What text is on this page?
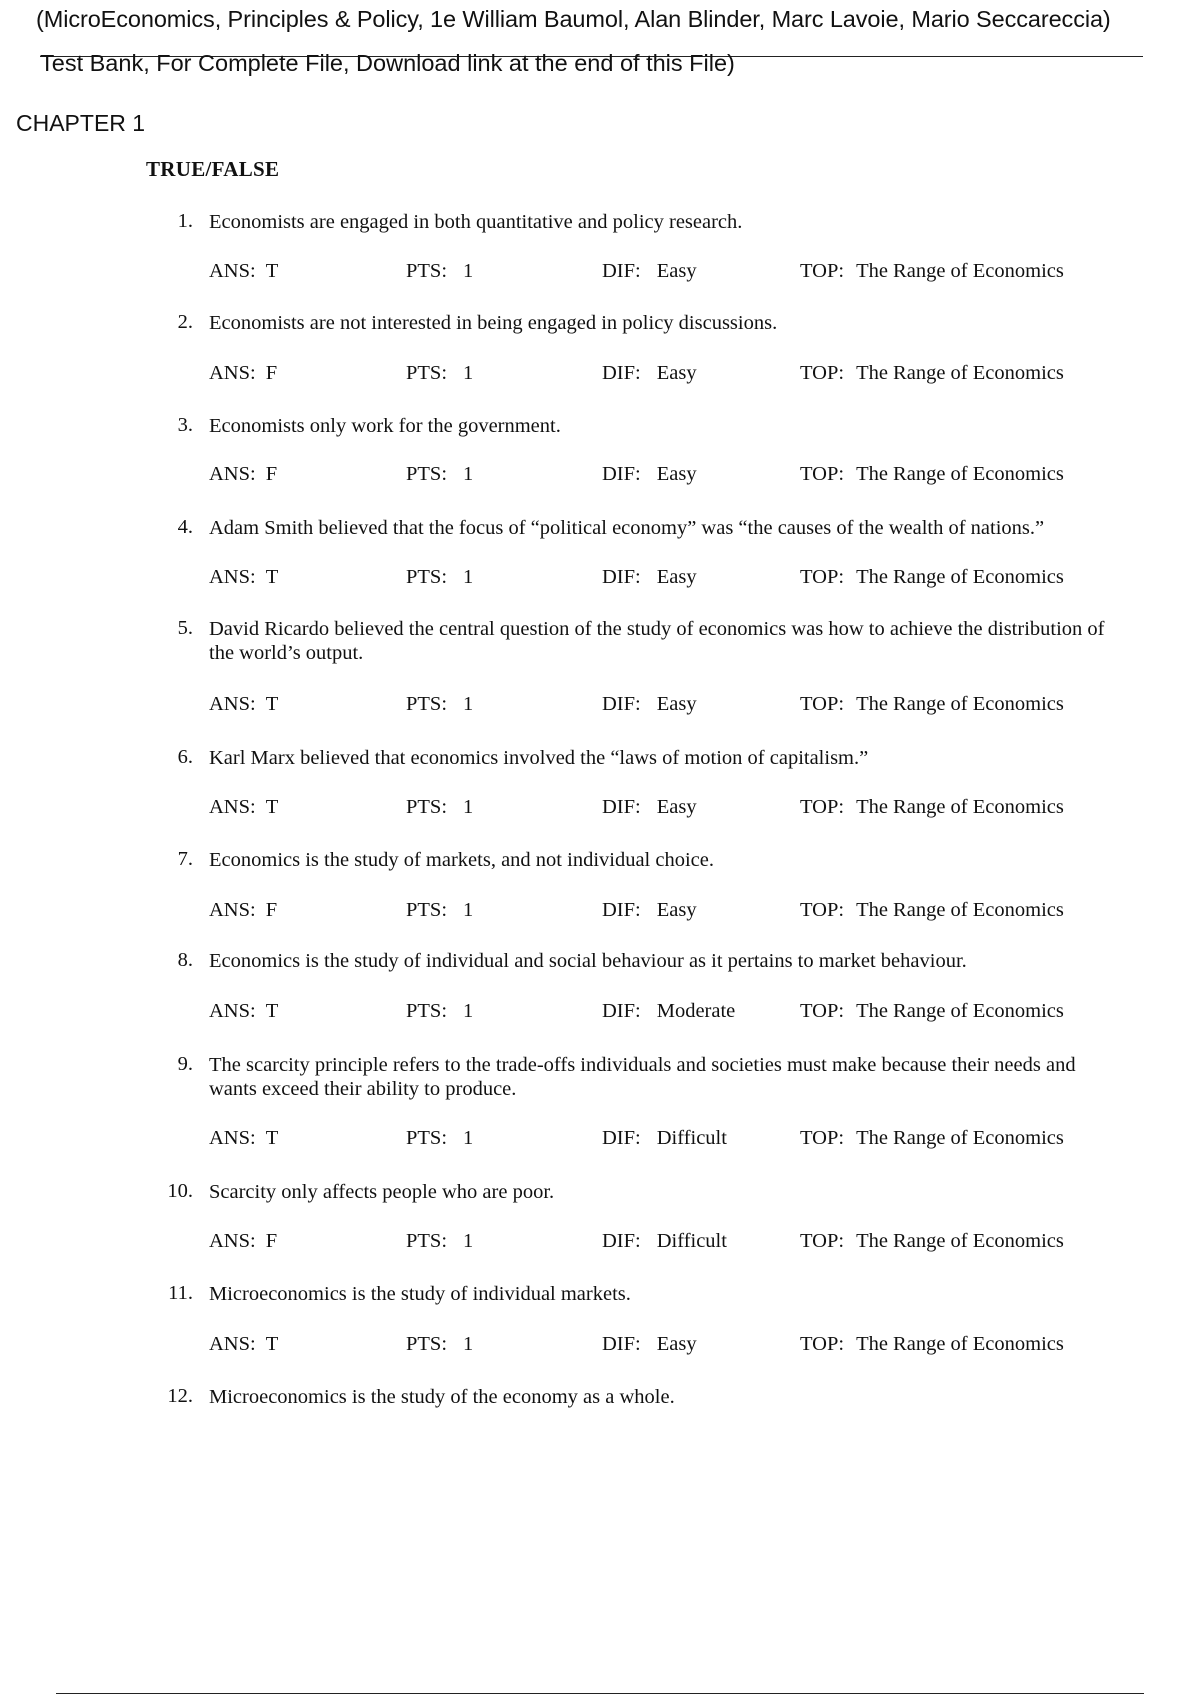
(MicroEconomics, Principles & Policy, 1e William Baumol, Alan Blinder, Marc Lavoie, Mario Seccareccia)
Test Bank, For Complete File, Download link at the end of this File)
CHAPTER 1
TRUE/FALSE
1. Economists are engaged in both quantitative and policy research.
ANS: T	PTS: 1	DIF: Easy	TOP: The Range of Economics
2. Economists are not interested in being engaged in policy discussions.
ANS: F	PTS: 1	DIF: Easy	TOP: The Range of Economics
3. Economists only work for the government.
ANS: F	PTS: 1	DIF: Easy	TOP: The Range of Economics
4. Adam Smith believed that the focus of “political economy” was “the causes of the wealth of nations.”
ANS: T	PTS: 1	DIF: Easy	TOP: The Range of Economics
5. David Ricardo believed the central question of the study of economics was how to achieve the distribution of the world’s output.
ANS: T	PTS: 1	DIF: Easy	TOP: The Range of Economics
6. Karl Marx believed that economics involved the “laws of motion of capitalism.”
ANS: T	PTS: 1	DIF: Easy	TOP: The Range of Economics
7. Economics is the study of markets, and not individual choice.
ANS: F	PTS: 1	DIF: Easy	TOP: The Range of Economics
8. Economics is the study of individual and social behaviour as it pertains to market behaviour.
ANS: T	PTS: 1	DIF: Moderate	TOP: The Range of Economics
9. The scarcity principle refers to the trade-offs individuals and societies must make because their needs and wants exceed their ability to produce.
ANS: T	PTS: 1	DIF: Difficult	TOP: The Range of Economics
10. Scarcity only affects people who are poor.
ANS: F	PTS: 1	DIF: Difficult	TOP: The Range of Economics
11. Microeconomics is the study of individual markets.
ANS: T	PTS: 1	DIF: Easy	TOP: The Range of Economics
12. Microeconomics is the study of the economy as a whole.
